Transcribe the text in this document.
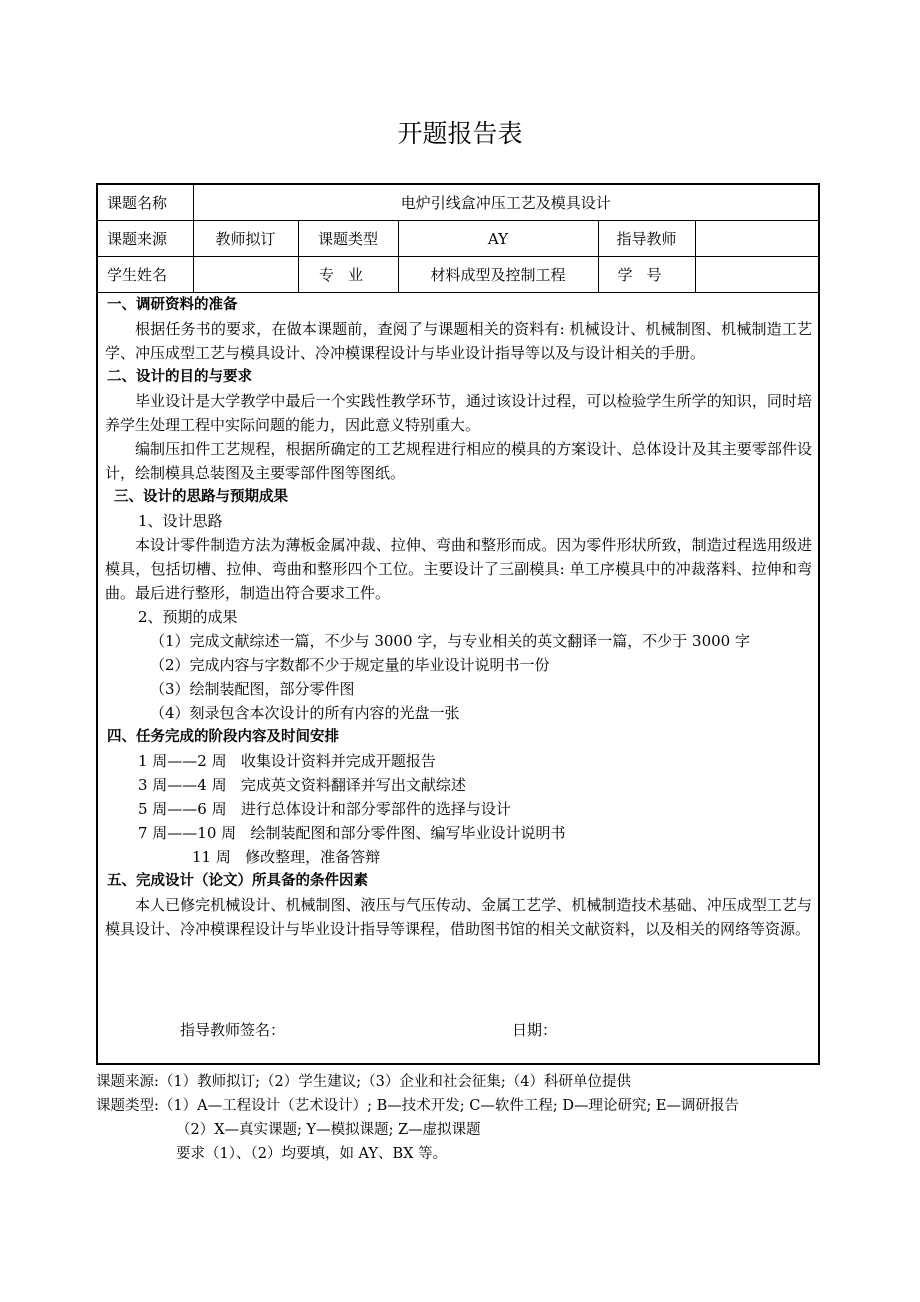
开题报告表
课题名称	电炉引线盒冲压工艺及模具设计				
课题来源	教师拟订	课题类型	AY	指导教师	
学生姓名		专业	材料成型及控制工程	学号	
一、调研资料的准备
根据任务书的要求，在做本课题前，查阅了与课题相关的资料有: 机械设计、机械制图、机械制造工艺学、冲压成型工艺与模具设计、冷冲模课程设计与毕业设计指导等以及与设计相关的手册。
二、设计的目的与要求
毕业设计是大学教学中最后一个实践性教学环节，通过该设计过程，可以检验学生所学的知识，同时培养学生处理工程中实际问题的能力，因此意义特别重大。
编制压扣件工艺规程，根据所确定的工艺规程进行相应的模具的方案设计、总体设计及其主要零部件设计，绘制模具总装图及主要零部件图等图纸。
三、设计的思路与预期成果
1、设计思路
本设计零件制造方法为薄板金属冲裁、拉伸、弯曲和整形而成。因为零件形状所致，制造过程选用级进模具，包括切槽、拉伸、弯曲和整形四个工位。主要设计了三副模具: 单工序模具中的冲裁落料、拉伸和弯曲。最后进行整形，制造出符合要求工件。
2、预期的成果
（1）完成文献综述一篇，不少与 3000 字，与专业相关的英文翻译一篇，不少于 3000 字
（2）完成内容与字数都不少于规定量的毕业设计说明书一份
（3）绘制装配图，部分零件图
（4）刻录包含本次设计的所有内容的光盘一张
四、任务完成的阶段内容及时间安排
1 周——2 周   收集设计资料并完成开题报告
3 周——4 周   完成英文资料翻译并写出文献综述
5 周——6 周   进行总体设计和部分零部件的选择与设计
7 周——10 周   绘制装配图和部分零件图、编写毕业设计说明书
11 周   修改整理，准备答辩
五、完成设计（论文）所具备的条件因素
本人已修完机械设计、机械制图、液压与气压传动、金属工艺学、机械制造技术基础、冲压成型工艺与模具设计、冷冲模课程设计与毕业设计指导等课程，借助图书馆的相关文献资料，以及相关的网络等资源。
指导教师签名：	日期：
课题来源:（1）教师拟订;（2）学生建议;（3）企业和社会征集;（4）科研单位提供
课题类型:（1）A—工程设计（艺术设计）; B—技术开发; C—软件工程; D—理论研究; E—调研报告
（2）X—真实课题; Y—模拟课题; Z—虚拟课题
要求（1）、（2）均要填，如 AY、BX 等。
